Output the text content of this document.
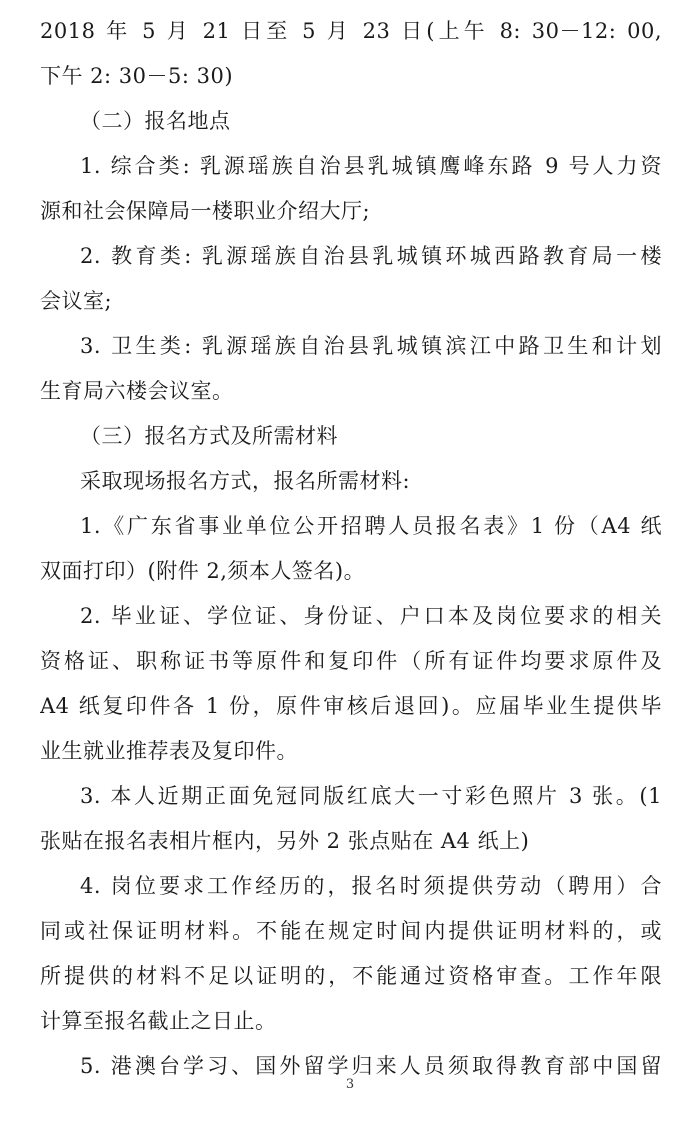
2018 年 5 月 21 日至 5 月 23 日(上午 8: 30－12: 00,
下午 2: 30－5: 30)
（二）报名地点
1. 综合类: 乳源瑶族自治县乳城镇鹰峰东路 9 号人力资
源和社会保障局一楼职业介绍大厅;
2. 教育类: 乳源瑶族自治县乳城镇环城西路教育局一楼
会议室;
3. 卫生类: 乳源瑶族自治县乳城镇滨江中路卫生和计划
生育局六楼会议室。
（三）报名方式及所需材料
采取现场报名方式，报名所需材料:
1.《广东省事业单位公开招聘人员报名表》1 份（A4 纸
双面打印）(附件 2,须本人签名)。
2. 毕业证、学位证、身份证、户口本及岗位要求的相关
资格证、职称证书等原件和复印件（所有证件均要求原件及
A4 纸复印件各 1 份，原件审核后退回)。应届毕业生提供毕
业生就业推荐表及复印件。
3. 本人近期正面免冠同版红底大一寸彩色照片 3 张。(1
张贴在报名表相片框内，另外 2 张点贴在 A4 纸上)
4. 岗位要求工作经历的，报名时须提供劳动（聘用）合
同或社保证明材料。不能在规定时间内提供证明材料的，或
所提供的材料不足以证明的，不能通过资格审查。工作年限
计算至报名截止之日止。
5. 港澳台学习、国外留学归来人员须取得教育部中国留
3
